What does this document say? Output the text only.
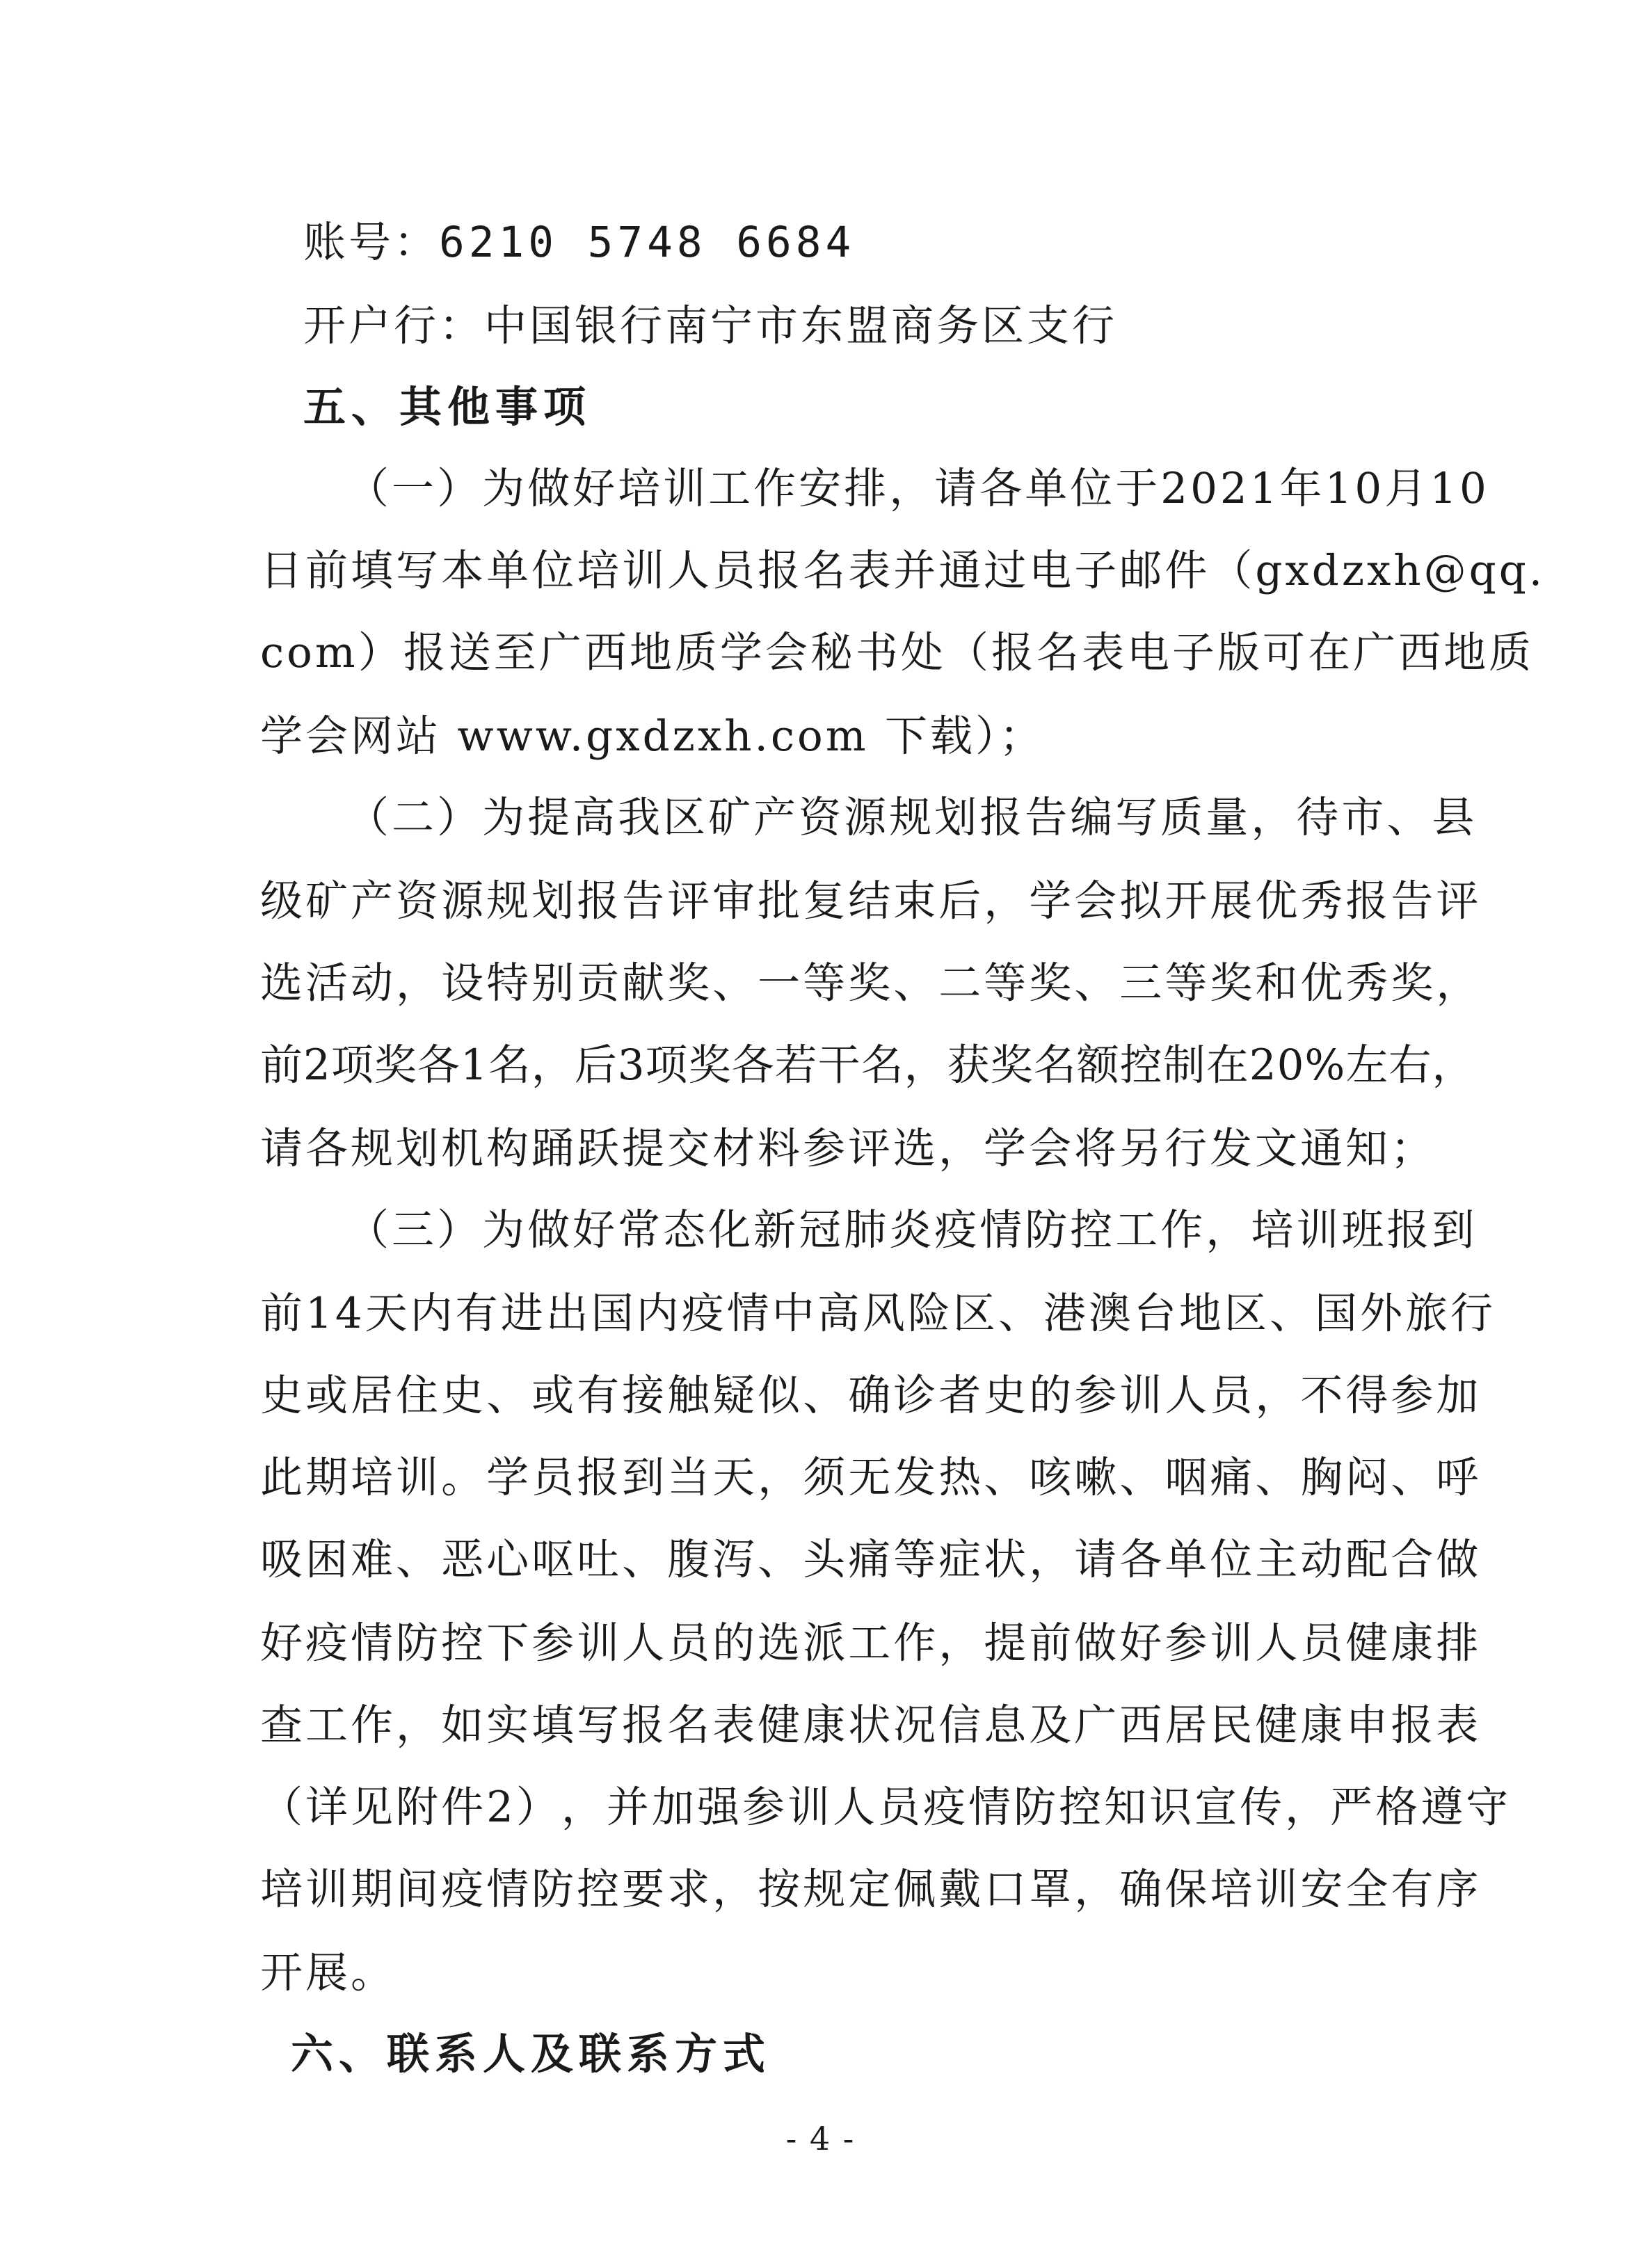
账号：6210 5748 6684
开户行：中国银行南宁市东盟商务区支行
五、其他事项
（ 一 ） 为 做 好 培 训 工 作 安 排 ， 请 各 单 位 于 2021 年 10 月 10
日 前 填 写 本 单 位 培 训 人 员 报 名 表 并 通 过 电 子 邮 件 （ gxdzxh@qq.
com ） 报 送 至 广 西 地 质 学 会 秘 书 处 （ 报 名 表 电 子 版 可 在 广 西 地 质
学会网站 www.gxdzxh.com 下载）；
（ 二 ） 为 提 高 我 区 矿 产 资 源 规 划 报 告 编 写 质 量 ， 待 市 、 县
级 矿 产 资 源 规 划 报 告 评 审 批 复 结 束 后 ， 学 会 拟 开 展 优 秀 报 告 评
选 活 动 ， 设 特 别 贡 献 奖 、 一 等 奖 、 二 等 奖 、 三 等 奖 和 优 秀 奖 ，
前 2 项 奖 各 1 名 ， 后 3 项 奖 各 若 干 名 ， 获 奖 名 额 控 制 在 20% 左 右 ，
请各规划机构踊跃提交材料参评选，学会将另行发文通知；
（ 三 ） 为 做 好 常 态 化 新 冠 肺 炎 疫 情 防 控 工 作 ， 培 训 班 报 到
前 14 天 内 有 进 出 国 内 疫 情 中 高 风 险 区 、 港 澳 台 地 区 、 国 外 旅 行
史 或 居 住 史 、 或 有 接 触 疑 似 、 确 诊 者 史 的 参 训 人 员 ， 不 得 参 加
此 期 培 训 。 学 员 报 到 当 天 ， 须 无 发 热 、 咳 嗽 、 咽 痛 、 胸 闷 、 呼
吸 困 难 、 恶 心 呕 吐 、 腹 泻 、 头 痛 等 症 状 ， 请 各 单 位 主 动 配 合 做
好 疫 情 防 控 下 参 训 人 员 的 选 派 工 作 ， 提 前 做 好 参 训 人 员 健 康 排
查 工 作 ， 如 实 填 写 报 名 表 健 康 状 况 信 息 及 广 西 居 民 健 康 申 报 表
（ 详 见 附 件 2 ） ， 并 加 强 参 训 人 员 疫 情 防 控 知 识 宣 传 ， 严 格 遵 守
培 训 期 间 疫 情 防 控 要 求 ， 按 规 定 佩 戴 口 罩 ， 确 保 培 训 安 全 有 序
开展。
六、联系人及联系方式
- 4 -
